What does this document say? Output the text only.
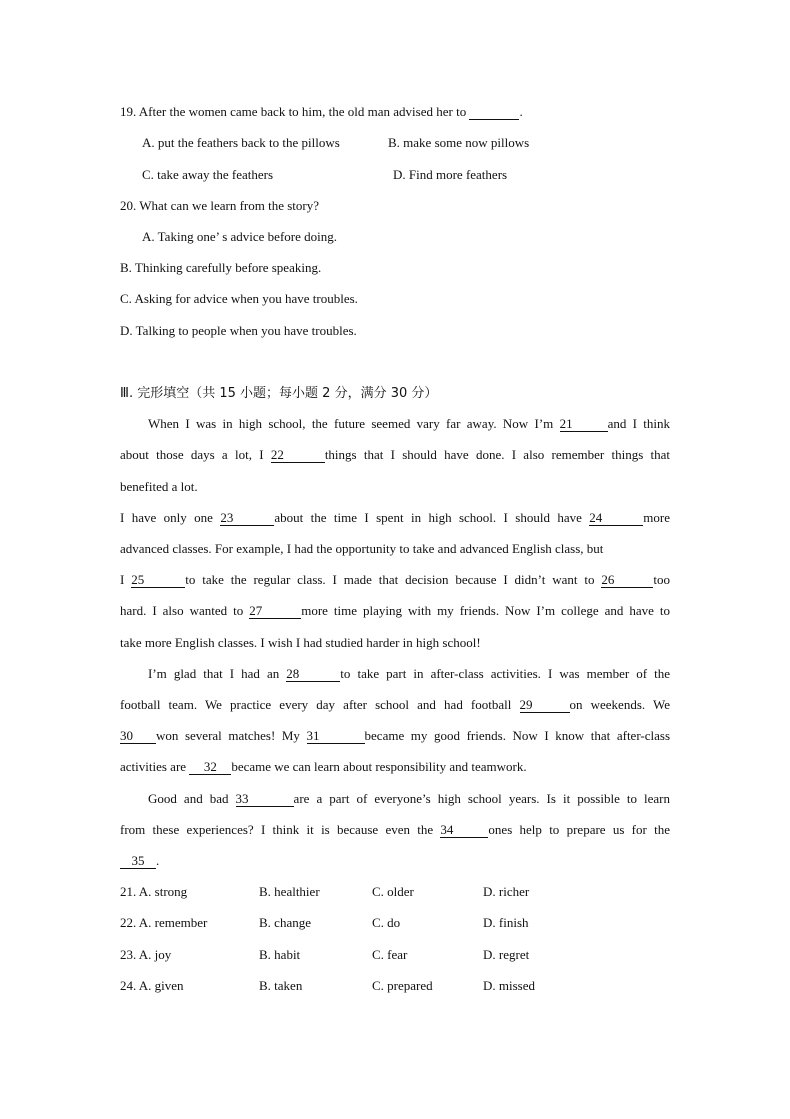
19. After the women came back to him, the old man advised her to	.
A. put the feathers back to the pillows	B. make some now pillows
C. take away the feathers	D. Find more feathers
20. What can we learn from the story?
A. Taking one’ s advice before doing.
B. Thinking carefully before speaking.
C. Asking for advice when you have troubles.
D. Talking to people when you have troubles.
Ⅲ. 完形填空（共 15 小题；每小题 2 分，满分 30 分）
When I was in high school, the future seemed vary far away. Now I’m 21	and I think
about those days a lot, I 22	things that I should have done. I also remember things that
benefited a lot.
I have only one 23	about the time I spent in high school. I should have 24	more
advanced classes. For example, I had the opportunity to take and advanced English class, but
I 25	to take the regular class. I made that decision because I didn’t want to 26	too
hard. I also wanted to 27	more time playing with my friends. Now I’m college and have to
take more English classes. I wish I had studied harder in high school!
I’m glad that I had an 28	to take part in after-class activities. I was member of the
football team. We practice every day after school and had football 29	on weekends. We
30 won several matches! My 31	became my good friends. Now I know that after-class
activities are 32 became we can learn about responsibility and teamwork.
Good and bad 33	are a part of everyone’s high school years. Is it possible to learn
from these experiences? I think it is because even the 34	ones help to prepare us for the
35 .
21. A. strong	B. healthier	C. older	D. richer
22. A. remember	B. change	C. do	D. finish
23. A. joy	B. habit	C. fear	D. regret
24. A. given	B. taken	C. prepared	D. missed
